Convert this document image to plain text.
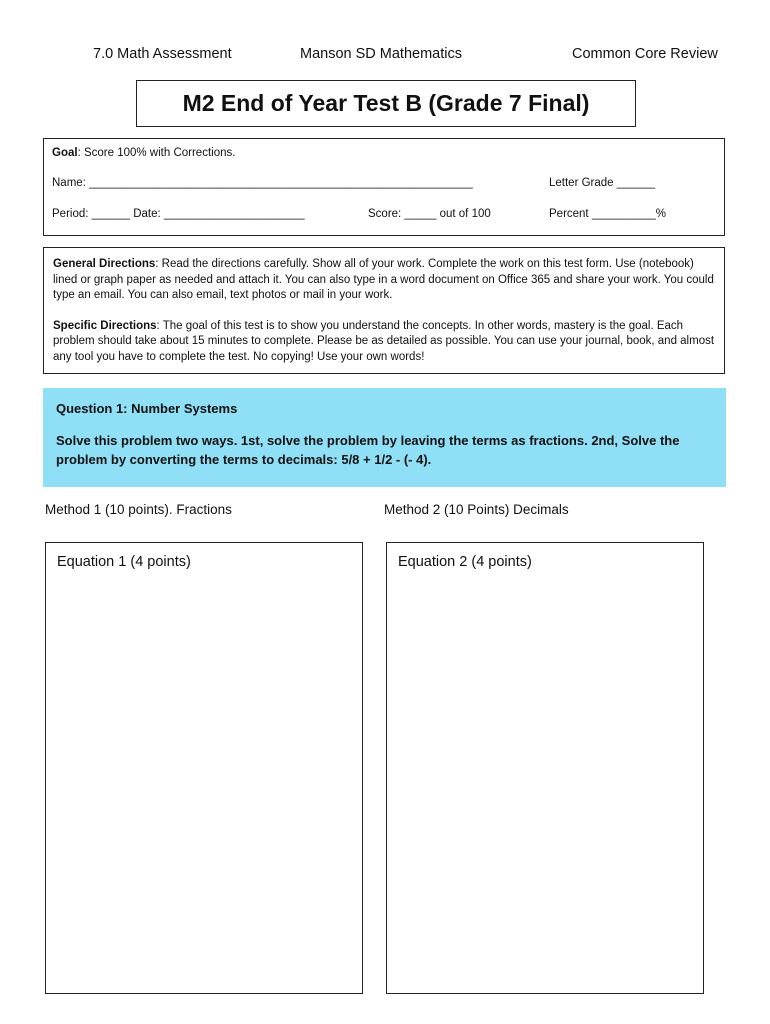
7.0 Math Assessment	Manson SD Mathematics	Common Core Review
M2 End of Year Test B (Grade 7 Final)
Goal: Score 100% with Corrections.
Name: ____________________________________________________________	Letter Grade ______
Period: ______ Date: ______________________	Score: _____ out of 100	Percent __________%

General Directions: Read the directions carefully. Show all of your work. Complete the work on this test form. Use (notebook) lined or graph paper as needed and attach it. You can also type in a word document on Office 365 and share your work. You could type an email. You can also email, text photos or mail in your work.

Specific Directions: The goal of this test is to show you understand the concepts. In other words, mastery is the goal. Each problem should take about 15 minutes to complete. Please be as detailed as possible. You can use your journal, book, and almost any tool you have to complete the test. No copying! Use your own words!

Question 1: Number Systems
Solve this problem two ways. 1st, solve the problem by leaving the terms as fractions. 2nd, Solve the problem by converting the terms to decimals: 5/8 + 1/2 - (- 4).
Method 1 (10 points). Fractions	Method 2 (10 Points) Decimals
Equation 1 (4 points)	Equation 2 (4 points)
